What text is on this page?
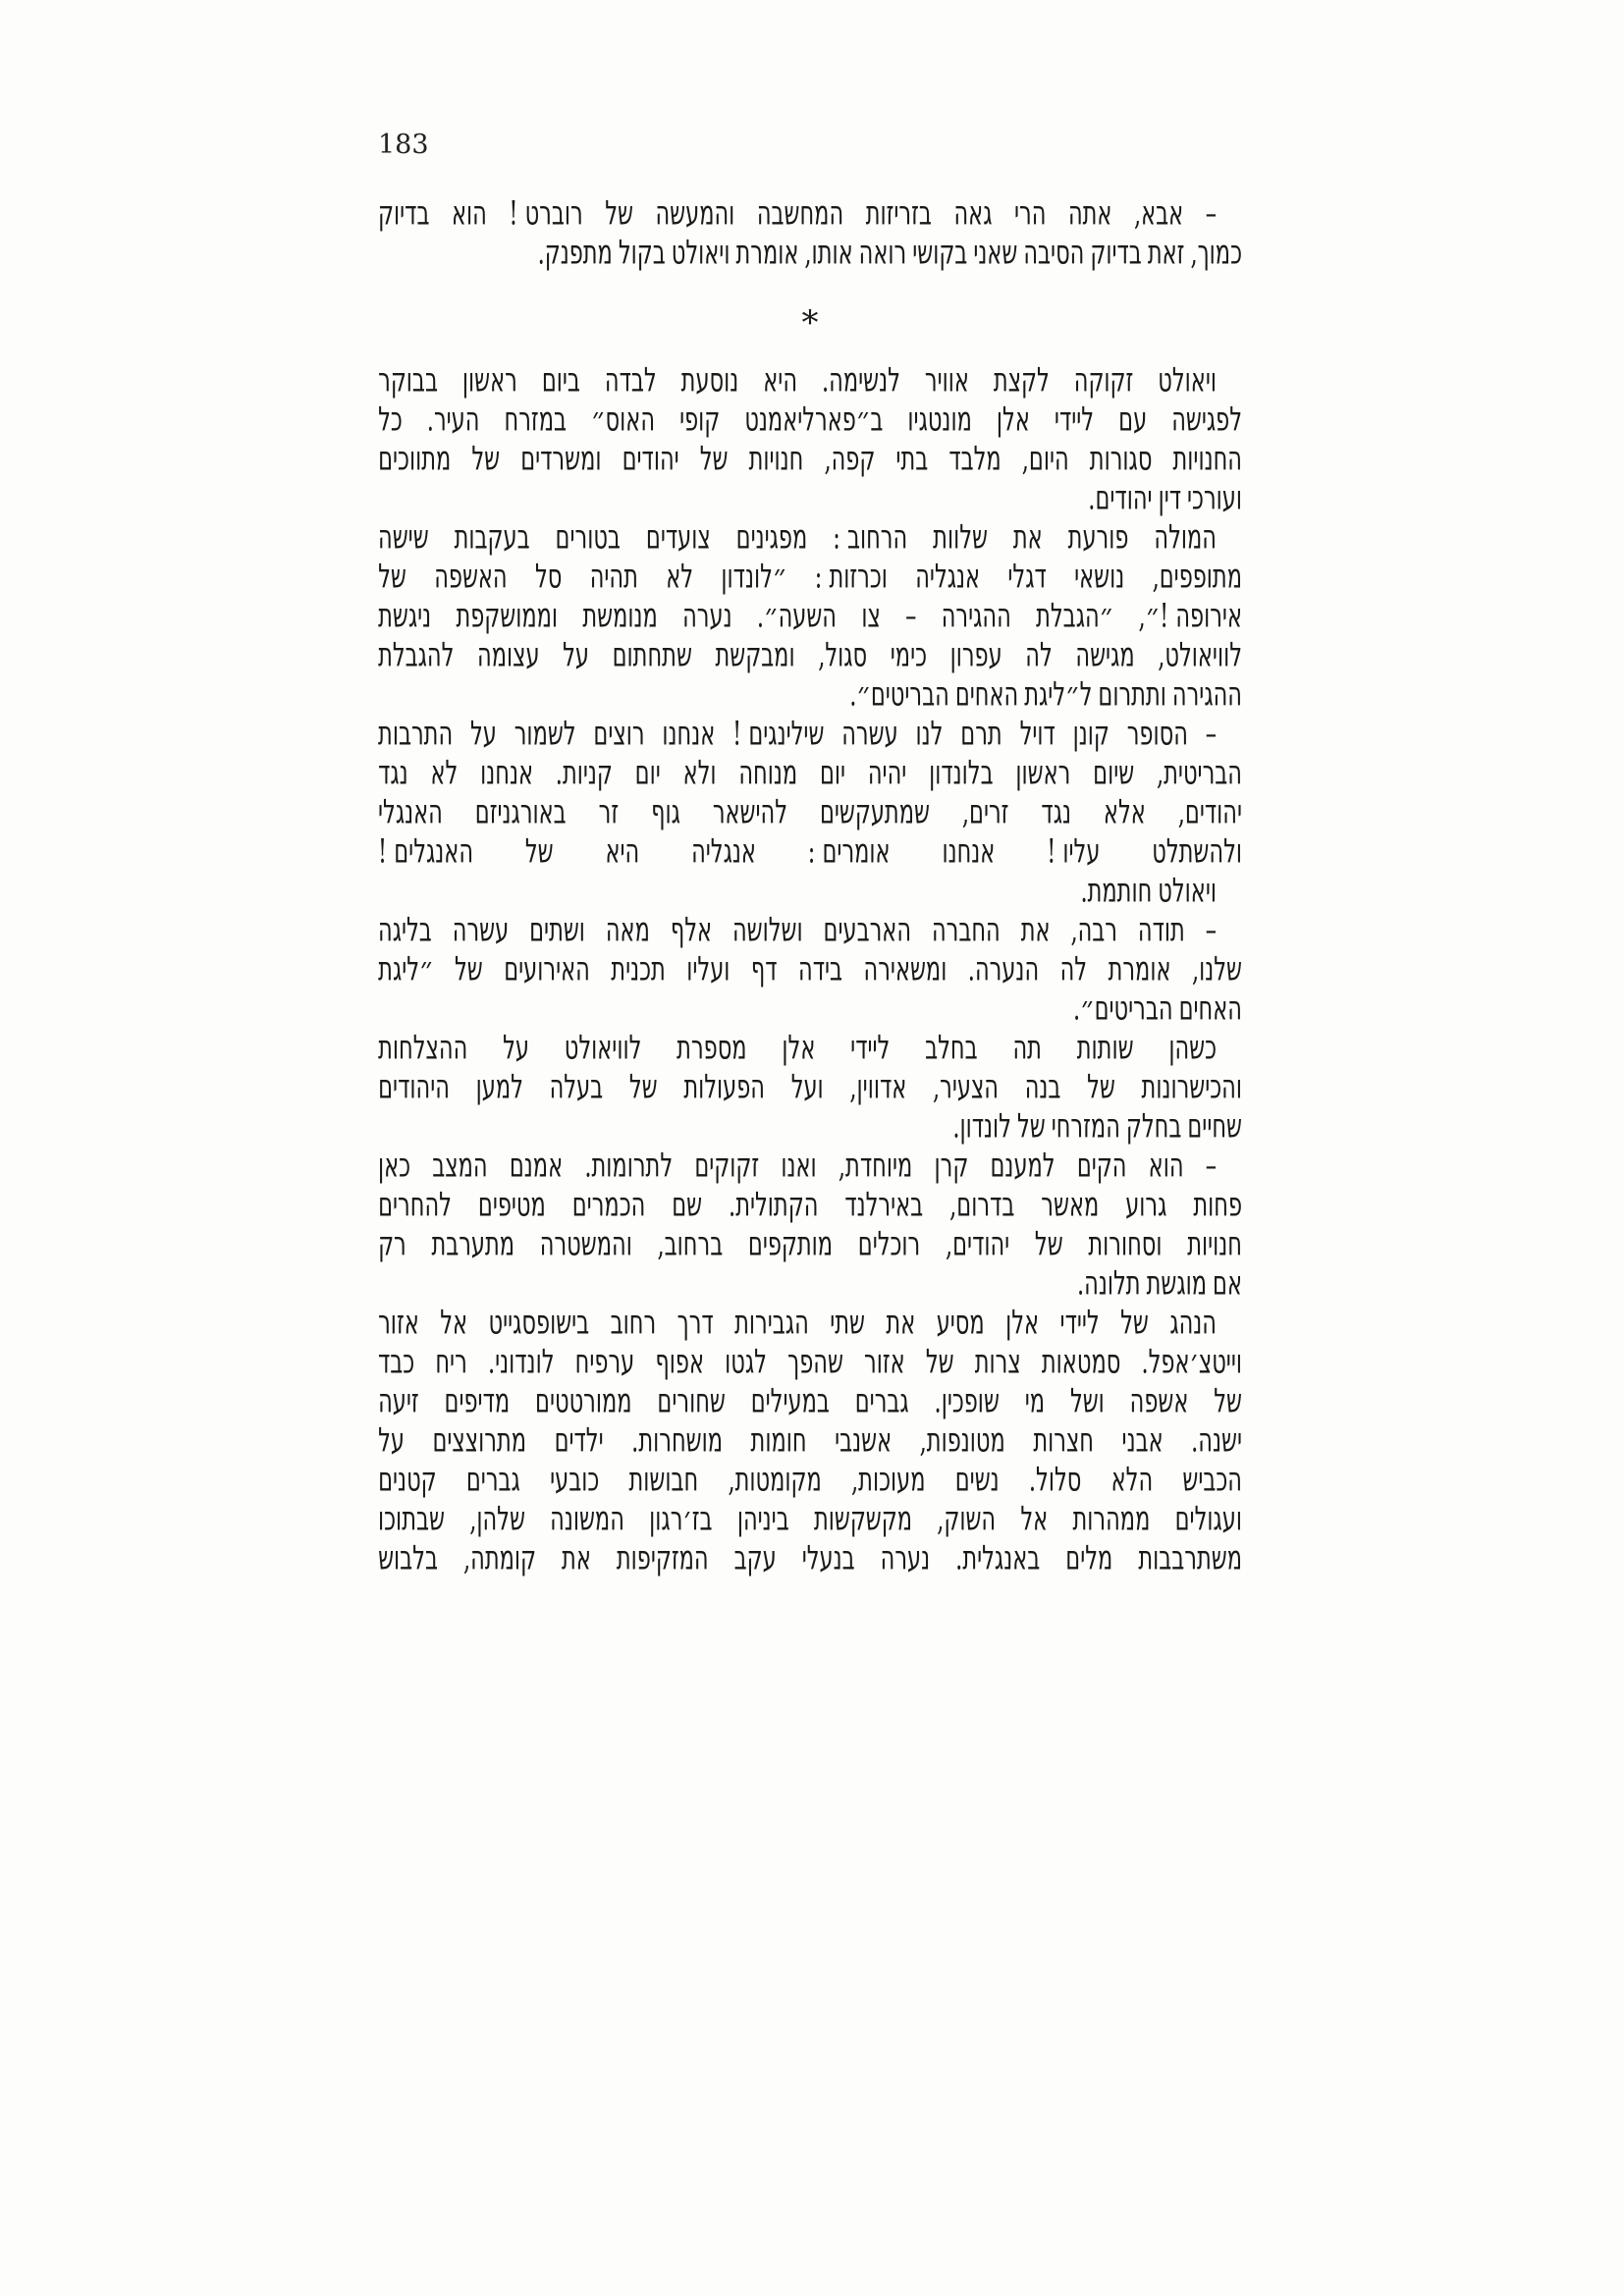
183
–
אבא,
אתה
הרי
גאה
בזריזות
המחשבה
והמעשה
של
רוברט !
הוא
בדיוק
כמוך,
זאת
בדיוק
הסיבה
שאני
בקושי
רואה
אותו,
אומרת
ויאולט
בקול
מתפנק.
*
ויאולט
זקוקה
לקצת
אוויר
לנשימה.
היא
נוסעת
לבדה
ביום
ראשון
בבוקר
לפגישה
עם
ליידי
אלן
מונטגיו
ב״פארליאמנט
קופי
האוס״
במזרח
העיר.
כל
החנויות
סגורות
היום,
מלבד
בתי
קפה,
חנויות
של
יהודים
ומשרדים
של
מתווכים
ועורכי
דין
יהודים.
המולה
פורעת
את
שלוות
הרחוב :
מפגינים
צועדים
בטורים
בעקבות
שישה
מתופפים,
נושאי
דגלי
אנגליה
וכרזות :
״לונדון
לא
תהיה
סל
האשפה
של
אירופה !״,
״הגבלת
ההגירה
–
צו
השעה״.
נערה
מנומשת
וממושקפת
ניגשת
לוויאולט,
מגישה
לה
עפרון
כימי
סגול,
ומבקשת
שתחתום
על
עצומה
להגבלת
ההגירה
ותתרום
ל״ליגת
האחים
הבריטים״.
–
הסופר
קונן
דויל
תרם
לנו
עשרה
שילינגים !
אנחנו
רוצים
לשמור
על
התרבות
הבריטית,
שיום
ראשון
בלונדון
יהיה
יום
מנוחה
ולא
יום
קניות.
אנחנו
לא
נגד
יהודים,
אלא
נגד
זרים,
שמתעקשים
להישאר
גוף
זר
באורגניזם
האנגלי
ולהשתלט
עליו !
אנחנו
אומרים :
אנגליה
היא
של
האנגלים !
ויאולט
חותמת.
–
תודה
רבה,
את
החברה
הארבעים
ושלושה
אלף
מאה
ושתים
עשרה
בליגה
שלנו,
אומרת
לה
הנערה.
ומשאירה
בידה
דף
ועליו
תכנית
האירועים
של
״ליגת
האחים
הבריטים״.
כשהן
שותות
תה
בחלב
ליידי
אלן
מספרת
לוויאולט
על
ההצלחות
והכישרונות
של
בנה
הצעיר,
אדווין,
ועל
הפעולות
של
בעלה
למען
היהודים
שחיים
בחלק
המזרחי
של
לונדון.
–
הוא
הקים
למענם
קרן
מיוחדת,
ואנו
זקוקים
לתרומות.
אמנם
המצב
כאן
פחות
גרוע
מאשר
בדרום,
באירלנד
הקתולית.
שם
הכמרים
מטיפים
להחרים
חנויות
וסחורות
של
יהודים,
רוכלים
מותקפים
ברחוב,
והמשטרה
מתערבת
רק
אם
מוגשת
תלונה.
הנהג
של
ליידי
אלן
מסיע
את
שתי
הגבירות
דרך
רחוב
בישופסגייט
אל
אזור
וייטצ׳אפל.
סמטאות
צרות
של
אזור
שהפך
לגטו
אפוף
ערפיח
לונדוני.
ריח
כבד
של
אשפה
ושל
מי
שופכין.
גברים
במעילים
שחורים
ממורטטים
מדיפים
זיעה
ישנה.
אבני
חצרות
מטונפות,
אשנבי
חומות
מושחרות.
ילדים
מתרוצצים
על
הכביש
הלא
סלול.
נשים
מעוכות,
מקומטות,
חבושות
כובעי
גברים
קטנים
ועגולים
ממהרות
אל
השוק,
מקשקשות
ביניהן
בז׳רגון
המשונה
שלהן,
שבתוכו
משתרבבות
מלים
באנגלית.
נערה
בנעלי
עקב
המזקיפות
את
קומתה,
בלבוש
